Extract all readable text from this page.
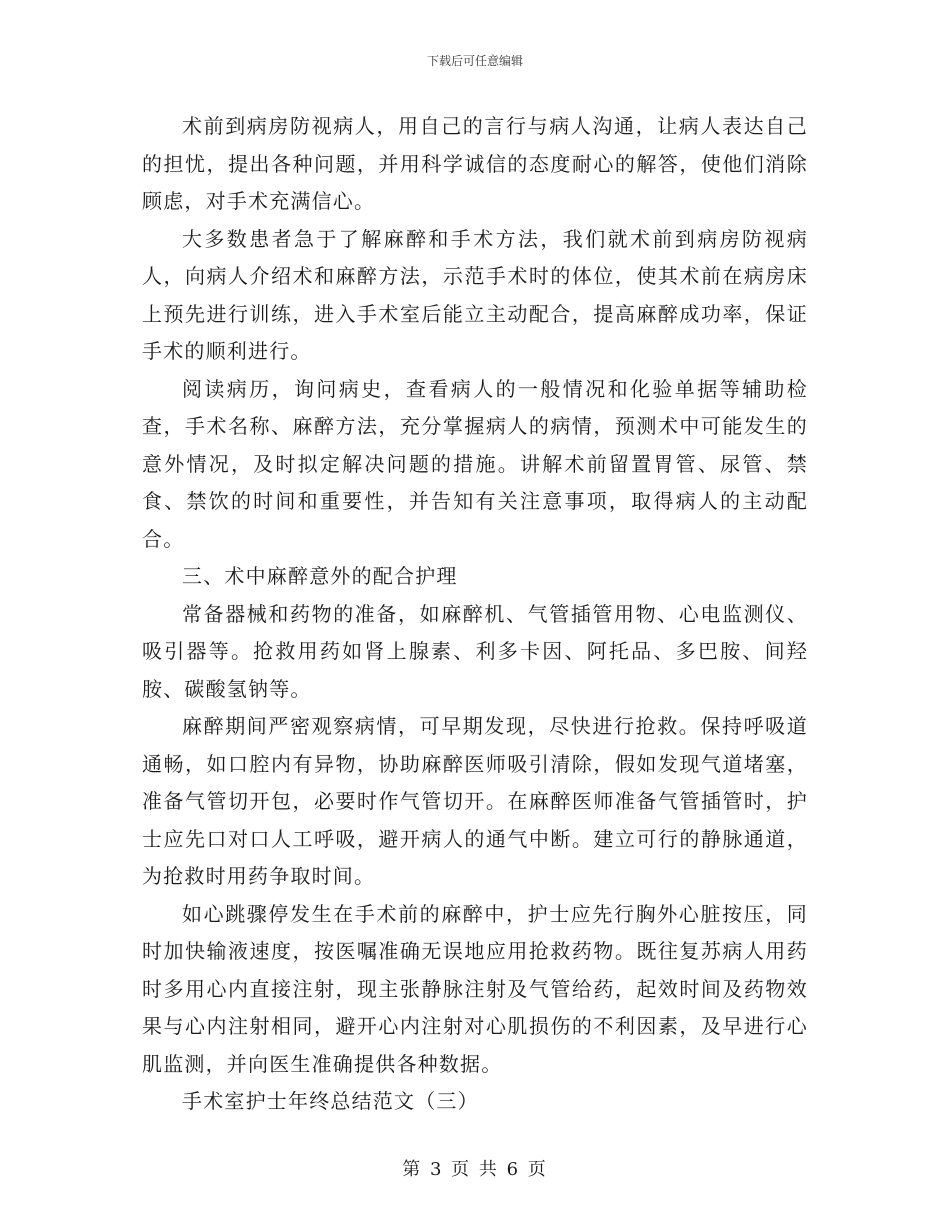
下载后可任意编辑

术前到病房防视病人，用自己的言行与病人沟通，让病人表达自己的担忧，提出各种问题，并用科学诚信的态度耐心的解答，使他们消除顾虑，对手术充满信心。

大多数患者急于了解麻醉和手术方法，我们就术前到病房防视病人，向病人介绍术和麻醉方法，示范手术时的体位，使其术前在病房床上预先进行训练，进入手术室后能立主动配合，提高麻醉成功率，保证手术的顺利进行。

阅读病历，询问病史，查看病人的一般情况和化验单据等辅助检查，手术名称、麻醉方法，充分掌握病人的病情，预测术中可能发生的意外情况，及时拟定解决问题的措施。讲解术前留置胃管、尿管、禁食、禁饮的时间和重要性，并告知有关注意事项，取得病人的主动配合。

三、术中麻醉意外的配合护理

常备器械和药物的准备，如麻醉机、气管插管用物、心电监测仪、吸引器等。抢救用药如肾上腺素、利多卡因、阿托品、多巴胺、间羟胺、碳酸氢钠等。

麻醉期间严密观察病情，可早期发现，尽快进行抢救。保持呼吸道通畅，如口腔内有异物，协助麻醉医师吸引清除，假如发现气道堵塞，准备气管切开包，必要时作气管切开。在麻醉医师准备气管插管时，护士应先口对口人工呼吸，避开病人的通气中断。建立可行的静脉通道，为抢救时用药争取时间。

如心跳骤停发生在手术前的麻醉中，护士应先行胸外心脏按压，同时加快输液速度，按医嘱准确无误地应用抢救药物。既往复苏病人用药时多用心内直接注射，现主张静脉注射及气管给药，起效时间及药物效果与心内注射相同，避开心内注射对心肌损伤的不利因素，及早进行心肌监测，并向医生准确提供各种数据。

手术室护士年终总结范文（三）

第 3 页 共 6 页
